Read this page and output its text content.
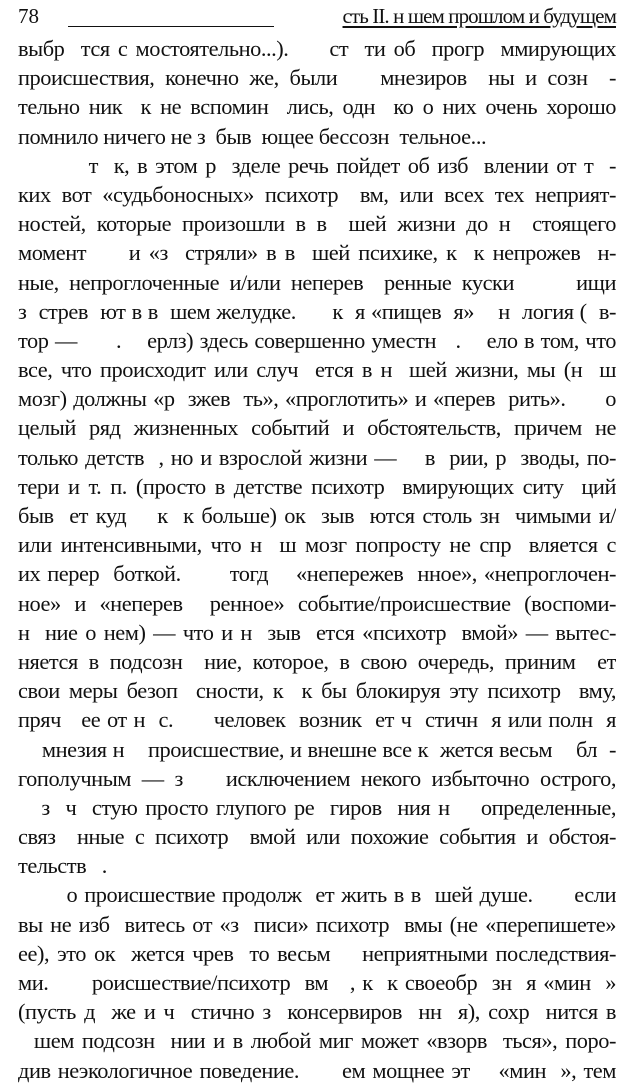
78	сть II. н шем прошлом и будущем
выбр  тся с мостоятельно...).     ст  ти об  прогр  ммирующих
происшествия, конечно же, были    мнезиров  ны и созн  -
тельно ник  к не вспомин  лись, одн  ко о них очень хорошо
помнило ничего не з  быв  ющее бессозн  тельное...
т  к, в этом р  зделе речь пойдет об изб  влении от т  -
ких вот «судьбоносных» психотр  вм, или всех тех неприят-
ностей, которые произошли в в  шей жизни до н  стоящего
момент     и «з  стряли» в в  шей психике, к  к непрожев  н-
ные, непроглоченные и/или неперев  ренные куски      ищи
з  стрев  ют в в  шем желудке.      к  я «пищев  я»    н  логия (  в-
тор —      .    ерлз) здесь совершенно уместн   .    ело в том, что
все, что происходит или случ  ется в н  шей жизни, мы (н  ш
мозг) должны «р  зжев  ть», «проглотить» и «перев  рить».      о
целый ряд жизненных событий и обстоятельств, причем не
только детств  , но и взрослой жизни —    в  рии, р  зводы, по-
тери и т. п. (просто в детстве психотр  вмирующих ситу  ций
быв  ет куд    к  к больше) ок  зыв  ются столь зн  чимыми и/
или интенсивными, что н  ш мозг попросту не спр  вляется с
их перер  боткой.       тогд    «непережев  нное», «непроглочен-
ное» и «неперев  ренное» событие/происшествие (воспоми-
н  ние о нем) — что и н  зыв  ется «психотр  вмой» — вытес-
няется в подсозн  ние, которое, в свою очередь, приним  ет
свои меры безоп  сности, к  к бы блокируя эту психотр  вму,
пряч   ее от н  с.      человек  возник  ет ч  стичн  я или полн  я
мнезия н    происшествие, и внешне все к  жется весьм    бл  -
гополучным — з    исключением некого избыточно острого,
з  ч  стую просто глупого ре  гиров  ния н    определенные,
связ  нные с психотр  вмой или похожие события и обстоя-
тельств   .
о происшествие продолж  ет жить в в  шей душе.      если
вы не изб  витесь от «з  писи» психотр  вмы (не «перепишете»
ее), это ок  жется чрев  то весьм    неприятными последствия-
ми.      роисшествие/психотр  вм   , к  к своеобр  зн  я «мин  »
(пусть д  же и ч  стично з  консервиров  нн  я), сохр  нится в
шем подсозн  нии и в любой миг может «взорв  ться», поро-
див неэкологичное поведение.      ем мощнее эт    «мин  », тем
